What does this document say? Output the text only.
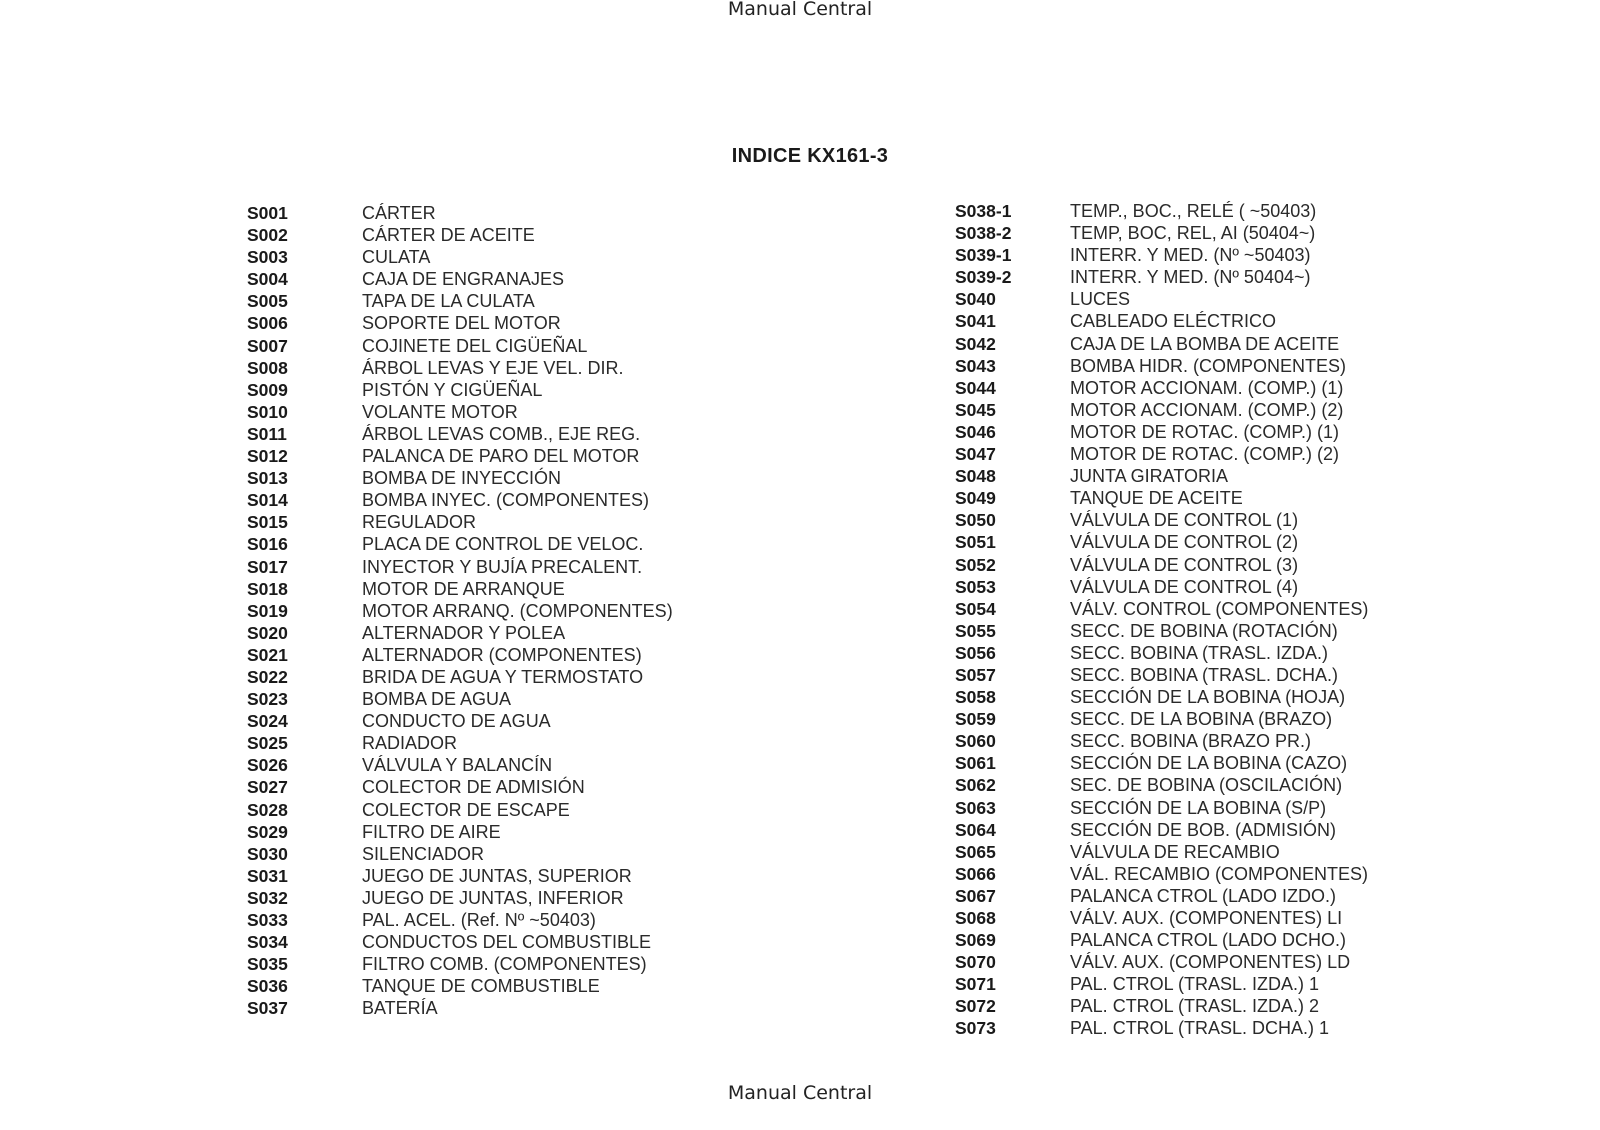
Manual Central
INDICE KX161-3
S001	CÁRTER
S002	CÁRTER DE ACEITE
S003	CULATA
S004	CAJA DE ENGRANAJES
S005	TAPA DE LA CULATA
S006	SOPORTE DEL MOTOR
S007	COJINETE DEL CIGÜEÑAL
S008	ÁRBOL LEVAS Y EJE VEL. DIR.
S009	PISTÓN Y CIGÜEÑAL
S010	VOLANTE MOTOR
S011	ÁRBOL LEVAS COMB., EJE REG.
S012	PALANCA DE PARO DEL MOTOR
S013	BOMBA DE INYECCIÓN
S014	BOMBA INYEC. (COMPONENTES)
S015	REGULADOR
S016	PLACA DE CONTROL DE VELOC.
S017	INYECTOR Y BUJÍA PRECALENT.
S018	MOTOR DE ARRANQUE
S019	MOTOR ARRANQ. (COMPONENTES)
S020	ALTERNADOR Y POLEA
S021	ALTERNADOR (COMPONENTES)
S022	BRIDA DE AGUA Y TERMOSTATO
S023	BOMBA DE AGUA
S024	CONDUCTO DE AGUA
S025	RADIADOR
S026	VÁLVULA Y BALANCÍN
S027	COLECTOR DE ADMISIÓN
S028	COLECTOR DE ESCAPE
S029	FILTRO DE AIRE
S030	SILENCIADOR
S031	JUEGO DE JUNTAS, SUPERIOR
S032	JUEGO DE JUNTAS, INFERIOR
S033	PAL. ACEL. (Ref. Nº ~50403)
S034	CONDUCTOS DEL COMBUSTIBLE
S035	FILTRO COMB. (COMPONENTES)
S036	TANQUE DE COMBUSTIBLE
S037	BATERÍA
S038-1	TEMP., BOC., RELÉ ( ~50403)
S038-2	TEMP, BOC, REL, AI (50404~)
S039-1	INTERR. Y MED. (Nº ~50403)
S039-2	INTERR. Y MED. (Nº 50404~)
S040	LUCES
S041	CABLEADO ELÉCTRICO
S042	CAJA DE LA BOMBA DE ACEITE
S043	BOMBA HIDR. (COMPONENTES)
S044	MOTOR ACCIONAM. (COMP.) (1)
S045	MOTOR ACCIONAM. (COMP.) (2)
S046	MOTOR DE ROTAC. (COMP.) (1)
S047	MOTOR DE ROTAC. (COMP.) (2)
S048	JUNTA GIRATORIA
S049	TANQUE DE ACEITE
S050	VÁLVULA DE CONTROL (1)
S051	VÁLVULA DE CONTROL (2)
S052	VÁLVULA DE CONTROL (3)
S053	VÁLVULA DE CONTROL (4)
S054	VÁLV. CONTROL (COMPONENTES)
S055	SECC. DE BOBINA (ROTACIÓN)
S056	SECC. BOBINA (TRASL. IZDA.)
S057	SECC. BOBINA (TRASL. DCHA.)
S058	SECCIÓN DE LA BOBINA (HOJA)
S059	SECC. DE LA BOBINA (BRAZO)
S060	SECC. BOBINA (BRAZO PR.)
S061	SECCIÓN DE LA BOBINA (CAZO)
S062	SEC. DE BOBINA (OSCILACIÓN)
S063	SECCIÓN DE LA BOBINA (S/P)
S064	SECCIÓN DE BOB. (ADMISIÓN)
S065	VÁLVULA DE RECAMBIO
S066	VÁL. RECAMBIO (COMPONENTES)
S067	PALANCA CTROL (LADO IZDO.)
S068	VÁLV. AUX. (COMPONENTES) LI
S069	PALANCA CTROL (LADO DCHO.)
S070	VÁLV. AUX. (COMPONENTES) LD
S071	PAL. CTROL (TRASL. IZDA.) 1
S072	PAL. CTROL (TRASL. IZDA.) 2
S073	PAL. CTROL (TRASL. DCHA.) 1
Manual Central
